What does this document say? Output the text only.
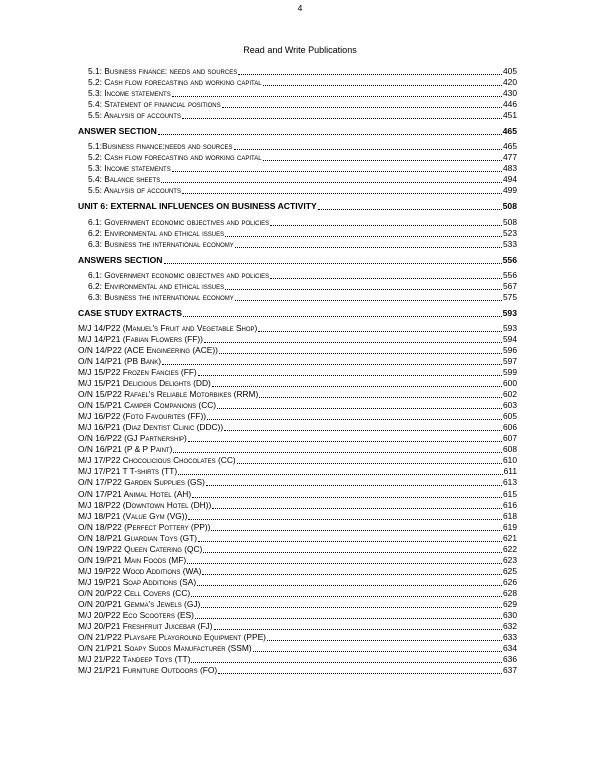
4
Read and Write Publications
5.1: Business finance: needs and sources	405
5.2: Cash flow forecasting and working capital	420
5.3: Income statements	430
5.4: Statement of financial positions	446
5.5: Analysis of accounts	451
ANSWER SECTION	465
5.1:Business finance:needs and sources	465
5.2: Cash flow forecasting and working capital	477
5.3: Income statements	483
5.4: Balance sheets	494
5.5: Analysis of accounts	499
UNIT 6: EXTERNAL INFLUENCES ON BUSINESS ACTIVITY	508
6.1: Government economic objectives and policies	508
6.2: Environmental and ethical issues	523
6.3: Business the international economy	533
ANSWERS SECTION	556
6.1: Government economic objectives and policies	556
6.2: Environmental and ethical issues	567
6.3: Business the international economy	575
CASE STUDY EXTRACTS	593
M/J 14/P22 (Manuel's Fruit and Vegetable Shop)	593
M/J 14/P21 (Fabian Flowers (FF))	594
O/N 14/P22 (ACE Engineering (ACE))	596
O/N 14/P21 (PB Bank)	597
M/J 15/P22 Frozen Fancies (FF)	599
M/J 15/P21 Delicious Delights (DD)	600
O/N 15/P22 Rafael's Reliable Motorbikes (RRM)	602
O/N 15/P21 Camper Companions (CC)	603
M/J 16/P22 (Foto Favourites (FF))	605
M/J 16/P21 (Diaz Dentist Clinic (DDC))	606
O/N 16/P22 (GJ Partnership)	607
O/N 16/P21 (P & P Paint)	608
M/J 17/P22 Chocolicious Chocolates (CC)	610
M/J 17/P21 T T-shirts (TT)	611
O/N 17/P22 Garden Supplies (GS)	613
O/N 17/P21 Animal Hotel (AH)	615
M/J 18/P22 (Downtown Hotel (DH))	616
M/J 18/P21 (Value Gym (VG))	618
O/N 18/P22 (Perfect Pottery (PP))	619
O/N 18/P21 Guardian Toys (GT)	621
O/N 19/P22 Queen Catering (QC)	622
O/N 19/P21 Main Foods (MF)	623
M/J 19/P22 Wood Additions (WA)	625
M/J 19/P21 Soap Additions (SA)	626
O/N 20/P22 Cell Covers (CC)	628
O/N 20/P21 Gemma's Jewels (GJ)	629
M/J 20/P22 Eco Scooters (ES)	630
M/J 20/P21 Freshfruit Juicebar (FJ)	632
O/N 21/P22 Playsafe Playground Equipment (PPE)	633
O/N 21/P21 Soapy Sudds Manufacturer (SSM)	634
M/J 21/P22 Tandeep Toys (TT)	636
M/J 21/P21 Furniture Outdoors (FO)	637
